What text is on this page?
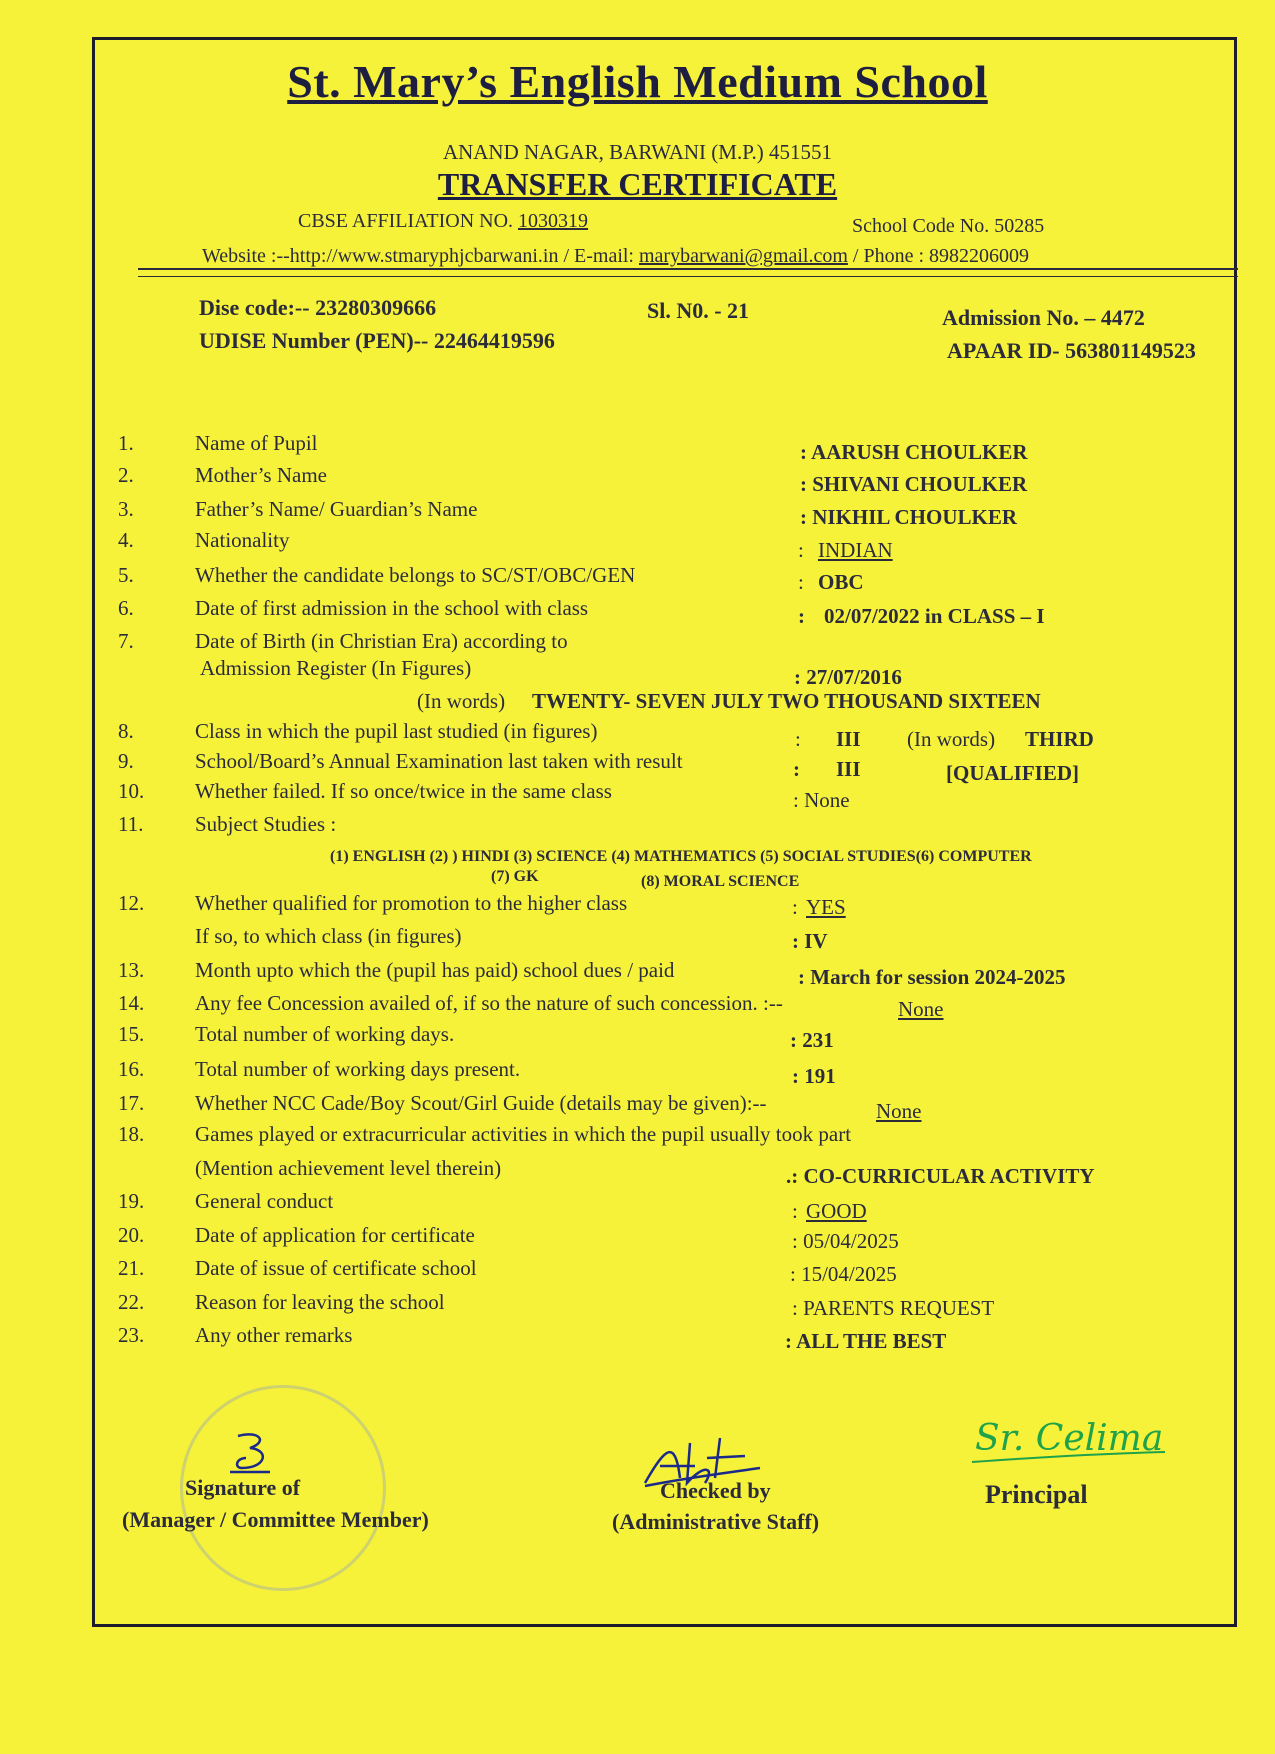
St. Mary’s English Medium School
ANAND NAGAR, BARWANI (M.P.) 451551
TRANSFER CERTIFICATE
CBSE AFFILIATION NO. 1030319	School Code No. 50285
Website :--http://www.stmaryphjcbarwani.in / E-mail: marybarwani@gmail.com / Phone : 8982206009
Dise code:-- 23280309666
UDISE Number (PEN)-- 22464419596
Sl. N0. - 21	Admission No. – 4472
APAAR ID- 563801149523
1.	Name of Pupil	: AARUSH CHOULKER
2.	Mother’s Name	: SHIVANI CHOULKER
3.	Father’s Name/ Guardian’s Name	: NIKHIL CHOULKER
4.	Nationality	: INDIAN
5.	Whether the candidate belongs to SC/ST/OBC/GEN	: OBC
6.	Date of first admission in the school with class	: 02/07/2022 in CLASS – I
7.	Date of Birth (in Christian Era) according to
Admission Register (In Figures)	: 27/07/2016
(In words) TWENTY- SEVEN JULY TWO THOUSAND SIXTEEN
8.	Class in which the pupil last studied (in figures)	: III (In words) THIRD
9.	School/Board’s Annual Examination last taken with result	: III	[QUALIFIED]
10.	Whether failed. If so once/twice in the same class	: None
11.	Subject Studies :
(1) ENGLISH (2) ) HINDI (3) SCIENCE (4) MATHEMATICS (5) SOCIAL STUDIES(6) COMPUTER
(7) GK	(8) MORAL SCIENCE
12.	Whether qualified for promotion to the higher class	: YES
If so, to which class (in figures)	: IV
13.	Month upto which the (pupil has paid) school dues / paid	: March for session 2024-2025
14.	Any fee Concession availed of, if so the nature of such concession. :--	None
15.	Total number of working days.	: 231
16.	Total number of working days present.	: 191
17.	Whether NCC Cade/Boy Scout/Girl Guide (details may be given):--	None
18.	Games played or extracurricular activities in which the pupil usually took part
(Mention achievement level therein)	.: CO-CURRICULAR ACTIVITY
19.	General conduct	: GOOD
20.	Date of application for certificate	: 05/04/2025
21.	Date of issue of certificate school	: 15/04/2025
22.	Reason for leaving the school	: PARENTS REQUEST
23.	Any other remarks	: ALL THE BEST
Signature of
(Manager / Committee Member)
Checked by
(Administrative Staff)
Sr. Celima
Principal
